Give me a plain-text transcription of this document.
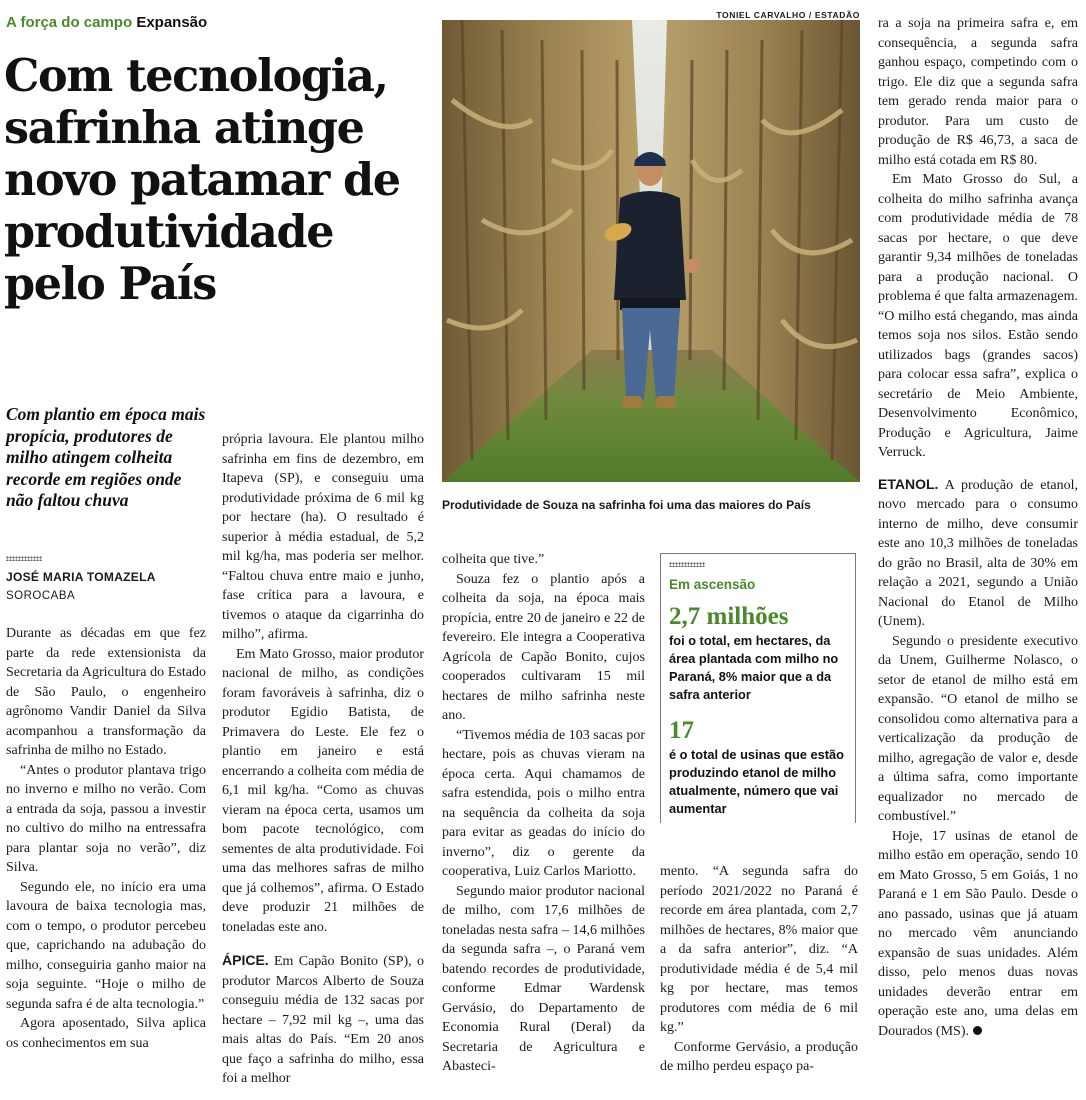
A força do campo Expansão
Com tecnologia, safrinha atinge novo patamar de produtividade pelo País
Com plantio em época mais propícia, produtores de milho atingem colheita recorde em regiões onde não faltou chuva
JOSÉ MARIA TOMAZELA
SOROCABA

Durante as décadas em que fez parte da rede extensionista da Secretaria da Agricultura do Estado de São Paulo, o engenheiro agrônomo Vandir Daniel da Silva acompanhou a transformação da safrinha de milho no Estado.

“Antes o produtor plantava trigo no inverno e milho no verão. Com a entrada da soja, passou a investir no cultivo do milho na entressafra para plantar soja no verão”, diz Silva.

Segundo ele, no início era uma lavoura de baixa tecnologia mas, com o tempo, o produtor percebeu que, caprichando na adubação do milho, conseguiria ganho maior na soja seguinte. “Hoje o milho de segunda safra é de alta tecnologia.”

Agora aposentado, Silva aplica os conhecimentos em sua

própria lavoura. Ele plantou milho safrinha em fins de dezembro, em Itapeva (SP), e conseguiu uma produtividade próxima de 6 mil kg por hectare (ha). O resultado é superior à média estadual, de 5,2 mil kg/ha, mas poderia ser melhor. “Faltou chuva entre maio e junho, fase crítica para a lavoura, e tivemos o ataque da cigarrinha do milho”, afirma.

Em Mato Grosso, maior produtor nacional de milho, as condições foram favoráveis à safrinha, diz o produtor Egidio Batista, de Primavera do Leste. Ele fez o plantio em janeiro e está encerrando a colheita com média de 6,1 mil kg/ha. “Como as chuvas vieram na época certa, usamos um bom pacote tecnológico, com sementes de alta produtividade. Foi uma das melhores safras de milho que já colhemos”, afirma. O Estado deve produzir 21 milhões de toneladas este ano.

ÁPICE. Em Capão Bonito (SP), o produtor Marcos Alberto de Souza conseguiu média de 132 sacas por hectare – 7,92 mil kg –, uma das mais altas do País. “Em 20 anos que faço a safrinha do milho, essa foi a melhor

TONIEL CARVALHO / ESTADÃO
Produtividade de Souza na safrinha foi uma das maiores do País

colheita que tive.”

Souza fez o plantio após a colheita da soja, na época mais propícia, entre 20 de janeiro e 22 de fevereiro. Ele integra a Cooperativa Agrícola de Capão Bonito, cujos cooperados cultivaram 15 mil hectares de milho safrinha neste ano.

“Tivemos média de 103 sacas por hectare, pois as chuvas vieram na época certa. Aqui chamamos de safra estendida, pois o milho entra na sequência da colheita da soja para evitar as geadas do início do inverno”, diz o gerente da cooperativa, Luiz Carlos Mariotto.

Segundo maior produtor nacional de milho, com 17,6 milhões de toneladas nesta safra – 14,6 milhões da segunda safra –, o Paraná vem batendo recordes de produtividade, conforme Edmar Wardensk Gervásio, do Departamento de Economia Rural (Deral) da Secretaria de Agricultura e Abasteci-

Em ascensão
2,7 milhões
foi o total, em hectares, da área plantada com milho no Paraná, 8% maior que a da safra anterior
17
é o total de usinas que estão produzindo etanol de milho atualmente, número que vai aumentar

mento. “A segunda safra do período 2021/2022 no Paraná é recorde em área plantada, com 2,7 milhões de hectares, 8% maior que a da safra anterior”, diz. “A produtividade média é de 5,4 mil kg por hectare, mas temos produtores com média de 6 mil kg.”

Conforme Gervásio, a produção de milho perdeu espaço pa-

ra a soja na primeira safra e, em consequência, a segunda safra ganhou espaço, competindo com o trigo. Ele diz que a segunda safra tem gerado renda maior para o produtor. Para um custo de produção de R$ 46,73, a saca de milho está cotada em R$ 80.

Em Mato Grosso do Sul, a colheita do milho safrinha avança com produtividade média de 78 sacas por hectare, o que deve garantir 9,34 milhões de toneladas para a produção nacional. O problema é que falta armazenagem. “O milho está chegando, mas ainda temos soja nos silos. Estão sendo utilizados bags (grandes sacos) para colocar essa safra”, explica o secretário de Meio Ambiente, Desenvolvimento Econômico, Produção e Agricultura, Jaime Verruck.

ETANOL. A produção de etanol, novo mercado para o consumo interno de milho, deve consumir este ano 10,3 milhões de toneladas do grão no Brasil, alta de 30% em relação a 2021, segundo a União Nacional do Etanol de Milho (Unem).

Segundo o presidente executivo da Unem, Guilherme Nolasco, o setor de etanol de milho está em expansão. “O etanol de milho se consolidou como alternativa para a verticalização da produção de milho, agregação de valor e, desde a última safra, como importante equalizador no mercado de combustível.”

Hoje, 17 usinas de etanol de milho estão em operação, sendo 10 em Mato Grosso, 5 em Goiás, 1 no Paraná e 1 em São Paulo. Desde o ano passado, usinas que já atuam no mercado vêm anunciando expansão de suas unidades. Além disso, pelo menos duas novas unidades deverão entrar em operação este ano, uma delas em Dourados (MS).
